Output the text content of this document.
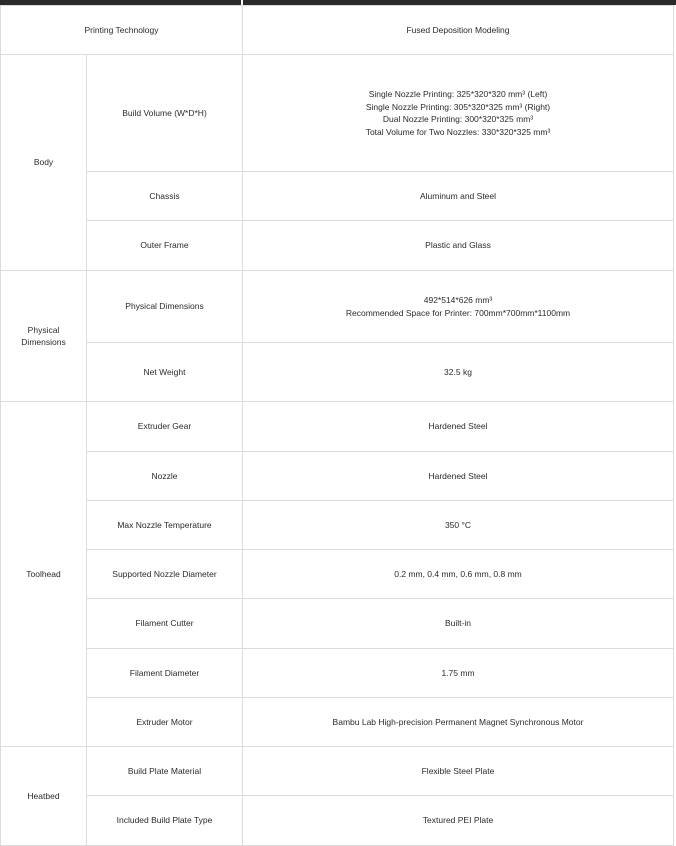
Printing Technology		Fused Deposition Modeling
Body	Build Volume (W*D*H)	Single Nozzle Printing: 325*320*320 mm³ (Left)
Single Nozzle Printing: 305*320*325 mm³ (Right)
Dual Nozzle Printing: 300*320*325 mm³
Total Volume for Two Nozzles: 330*320*325 mm³

	Chassis	Aluminum and Steel
	Outer Frame	Plastic and Glass

Physical
Dimensions	Physical Dimensions	492*514*626 mm³
Recommended Space for Printer: 700mm*700mm*1100mm

	Net Weight	32.5 kg
Toolhead	Extruder Gear	Hardened Steel
	Nozzle	Hardened Steel
	Max Nozzle Temperature	350 °C
	Supported Nozzle Diameter	0.2 mm, 0.4 mm, 0.6 mm, 0.8 mm
	Filament Cutter	Built-in
	Filament Diameter	1.75 mm
	Extruder Motor	Bambu Lab High-precision Permanent Magnet Synchronous Motor
Heatbed	Build Plate Material	Flexible Steel Plate
	Included Build Plate Type	Textured PEI Plate
